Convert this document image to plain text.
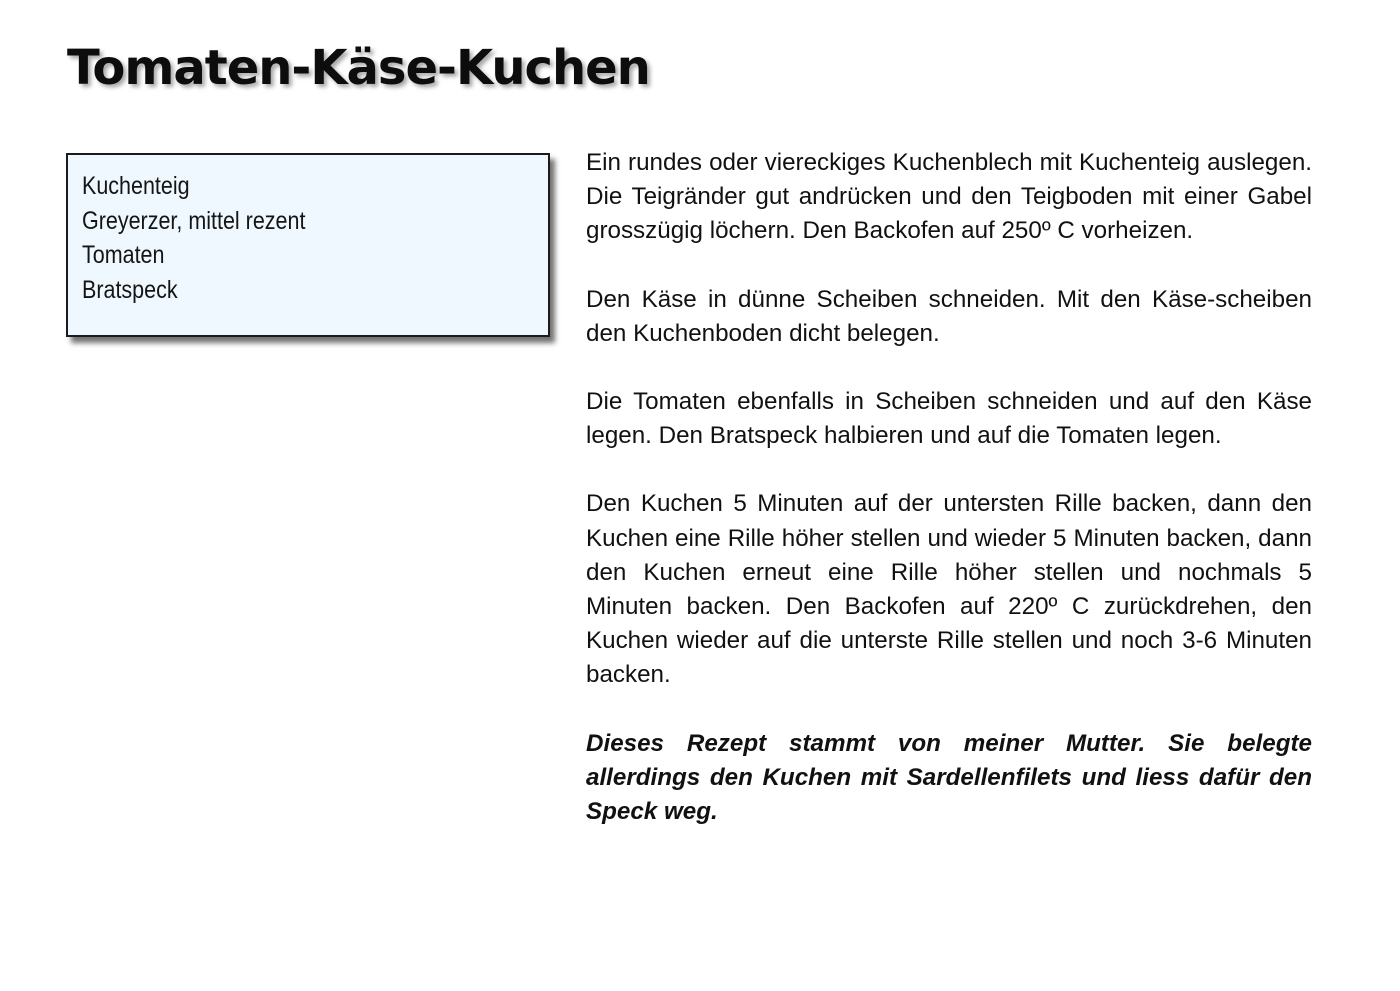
Tomaten-Käse-Kuchen
Kuchenteig
Greyerzer, mittel rezent
Tomaten
Bratspeck

Ein rundes oder viereckiges Kuchenblech mit Kuchenteig auslegen. Die Teigränder gut andrücken und den Teigboden mit einer Gabel grosszügig löchern. Den Backofen auf 250º C vorheizen.

Den Käse in dünne Scheiben schneiden. Mit den Käse-scheiben den Kuchenboden dicht belegen.

Die Tomaten ebenfalls in Scheiben schneiden und auf den Käse legen. Den Bratspeck halbieren und auf die Tomaten legen.

Den Kuchen 5 Minuten auf der untersten Rille backen, dann den Kuchen eine Rille höher stellen und wieder 5 Minuten backen, dann den Kuchen erneut eine Rille höher stellen und nochmals 5 Minuten backen. Den Backofen auf 220º C zurückdrehen, den Kuchen wieder auf die unterste Rille stellen und noch 3-6 Minuten backen.

Dieses Rezept stammt von meiner Mutter. Sie belegte allerdings den Kuchen mit Sardellenfilets und liess dafür den Speck weg.
